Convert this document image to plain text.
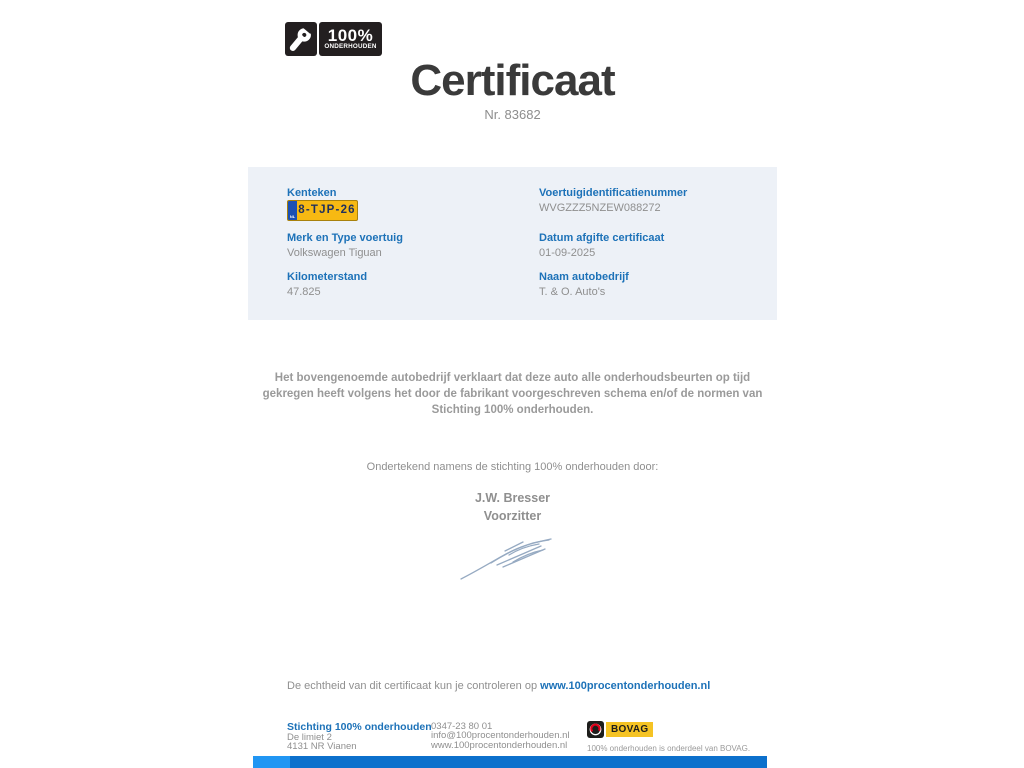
100%
ONDERHOUDEN
Certificaat
Nr. 83682
Kenteken
NL
8-TJP-26
Voertuigidentificatienummer
WVGZZZ5NZEW088272
Merk en Type voertuig
Volkswagen Tiguan
Datum afgifte certificaat
01-09-2025
Kilometerstand
47.825
Naam autobedrijf
T. & O. Auto's
Het bovengenoemde autobedrijf verklaart dat deze auto alle onderhoudsbeurten op tijd gekregen heeft volgens het door de fabrikant voorgeschreven schema en/of de normen van Stichting 100% onderhouden.
Ondertekend namens de stichting 100% onderhouden door:
J.W. Bresser
Voorzitter
De echtheid van dit certificaat kun je controleren op www.100procentonderhouden.nl
Stichting 100% onderhouden
De limiet 2
4131 NR Vianen
0347-23 80 01
info@100procentonderhouden.nl
www.100procentonderhouden.nl
BOVAG
100% onderhouden is onderdeel van BOVAG.
